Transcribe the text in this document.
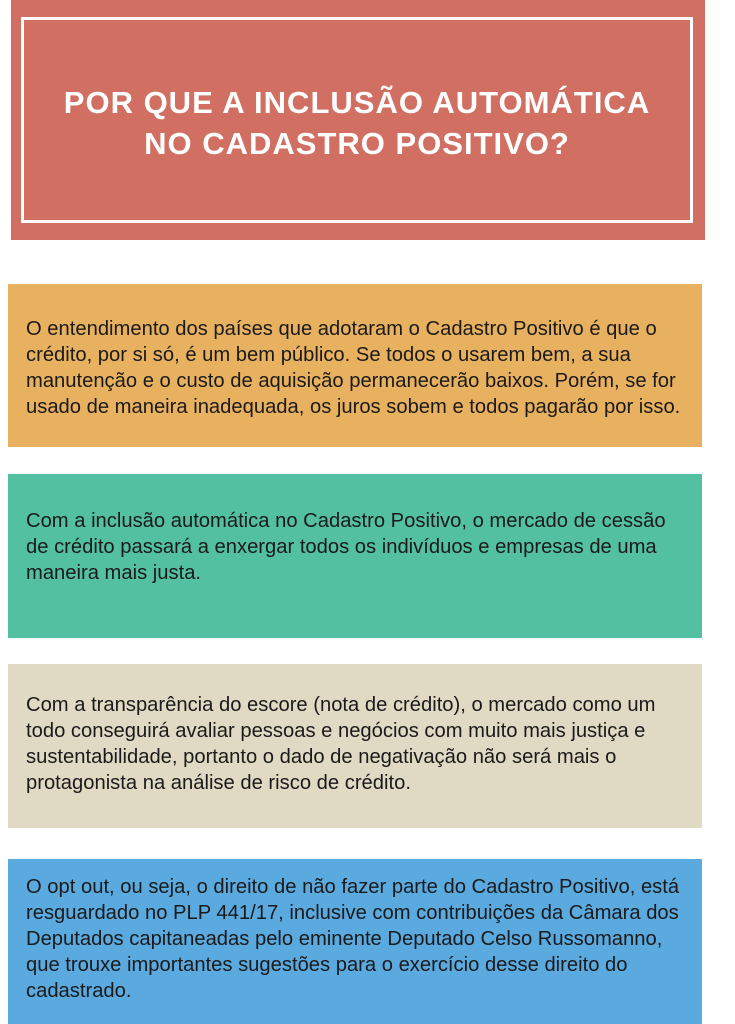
POR QUE A INCLUSÃO AUTOMÁTICA
NO CADASTRO POSITIVO?

O entendimento dos países que adotaram o Cadastro Positivo é que o crédito, por si só, é um bem público. Se todos o usarem bem, a sua manutenção e o custo de aquisição permanecerão baixos. Porém, se for usado de maneira inadequada, os juros sobem e todos pagarão por isso.

Com a inclusão automática no Cadastro Positivo, o mercado de cessão de crédito passará a enxergar todos os indivíduos e empresas de uma maneira mais justa.

Com a transparência do escore (nota de crédito), o mercado como um todo conseguirá avaliar pessoas e negócios com muito mais justiça e sustentabilidade, portanto o dado de negativação não será mais o protagonista na análise de risco de crédito.

O opt out, ou seja, o direito de não fazer parte do Cadastro Positivo, está resguardado no PLP 441/17, inclusive com contribuições da Câmara dos Deputados capitaneadas pelo eminente Deputado Celso Russomanno, que trouxe importantes sugestões para o exercício desse direito do cadastrado.
